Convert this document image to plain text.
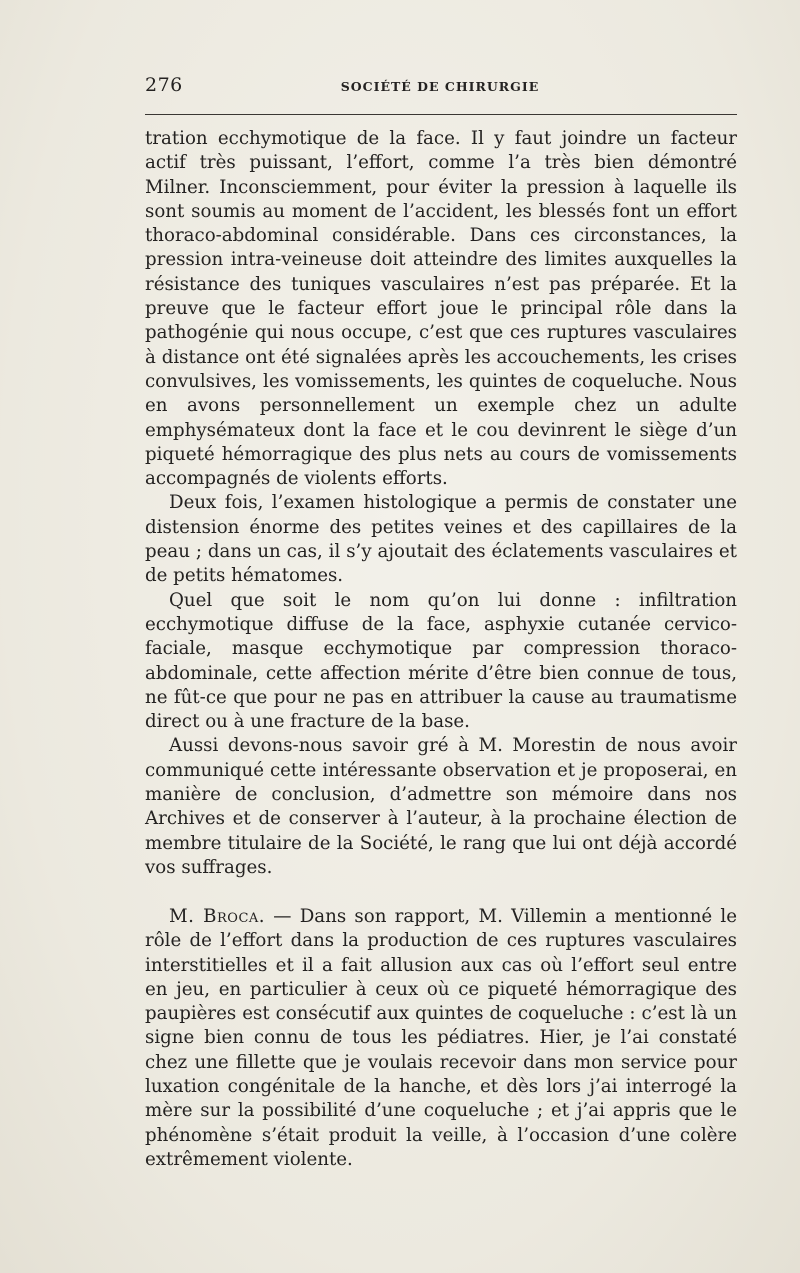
276	SOCIÉTÉ DE CHIRURGIE

tration ecchymotique de la face. Il y faut joindre un facteur actif très puissant, l’effort, comme l’a très bien démontré Milner. Inconsciemment, pour éviter la pression à laquelle ils sont soumis au moment de l’accident, les blessés font un effort thoraco-abdominal considérable. Dans ces circonstances, la pression intra-veineuse doit atteindre des limites auxquelles la résistance des tuniques vasculaires n’est pas préparée. Et la preuve que le facteur effort joue le principal rôle dans la pathogénie qui nous occupe, c’est que ces ruptures vasculaires à distance ont été signalées après les accouchements, les crises convulsives, les vomissements, les quintes de coqueluche. Nous en avons personnellement un exemple chez un adulte emphysémateux dont la face et le cou devinrent le siège d’un piqueté hémorragique des plus nets au cours de vomissements accompagnés de violents efforts.

Deux fois, l’examen histologique a permis de constater une distension énorme des petites veines et des capillaires de la peau ; dans un cas, il s’y ajoutait des éclatements vasculaires et de petits hématomes.

Quel que soit le nom qu’on lui donne : infiltration ecchymotique diffuse de la face, asphyxie cutanée cervico-faciale, masque ecchymotique par compression thoraco-abdominale, cette affection mérite d’être bien connue de tous, ne fût-ce que pour ne pas en attribuer la cause au traumatisme direct ou à une fracture de la base.

Aussi devons-nous savoir gré à M. Morestin de nous avoir communiqué cette intéressante observation et je proposerai, en manière de conclusion, d’admettre son mémoire dans nos Archives et de conserver à l’auteur, à la prochaine élection de membre titulaire de la Société, le rang que lui ont déjà accordé vos suffrages.

M. Broca. — Dans son rapport, M. Villemin a mentionné le rôle de l’effort dans la production de ces ruptures vasculaires interstitielles et il a fait allusion aux cas où l’effort seul entre en jeu, en particulier à ceux où ce piqueté hémorragique des paupières est consécutif aux quintes de coqueluche : c’est là un signe bien connu de tous les pédiatres. Hier, je l’ai constaté chez une fillette que je voulais recevoir dans mon service pour luxation congénitale de la hanche, et dès lors j’ai interrogé la mère sur la possibilité d’une coqueluche ; et j’ai appris que le phénomène s’était produit la veille, à l’occasion d’une colère extrêmement violente.
